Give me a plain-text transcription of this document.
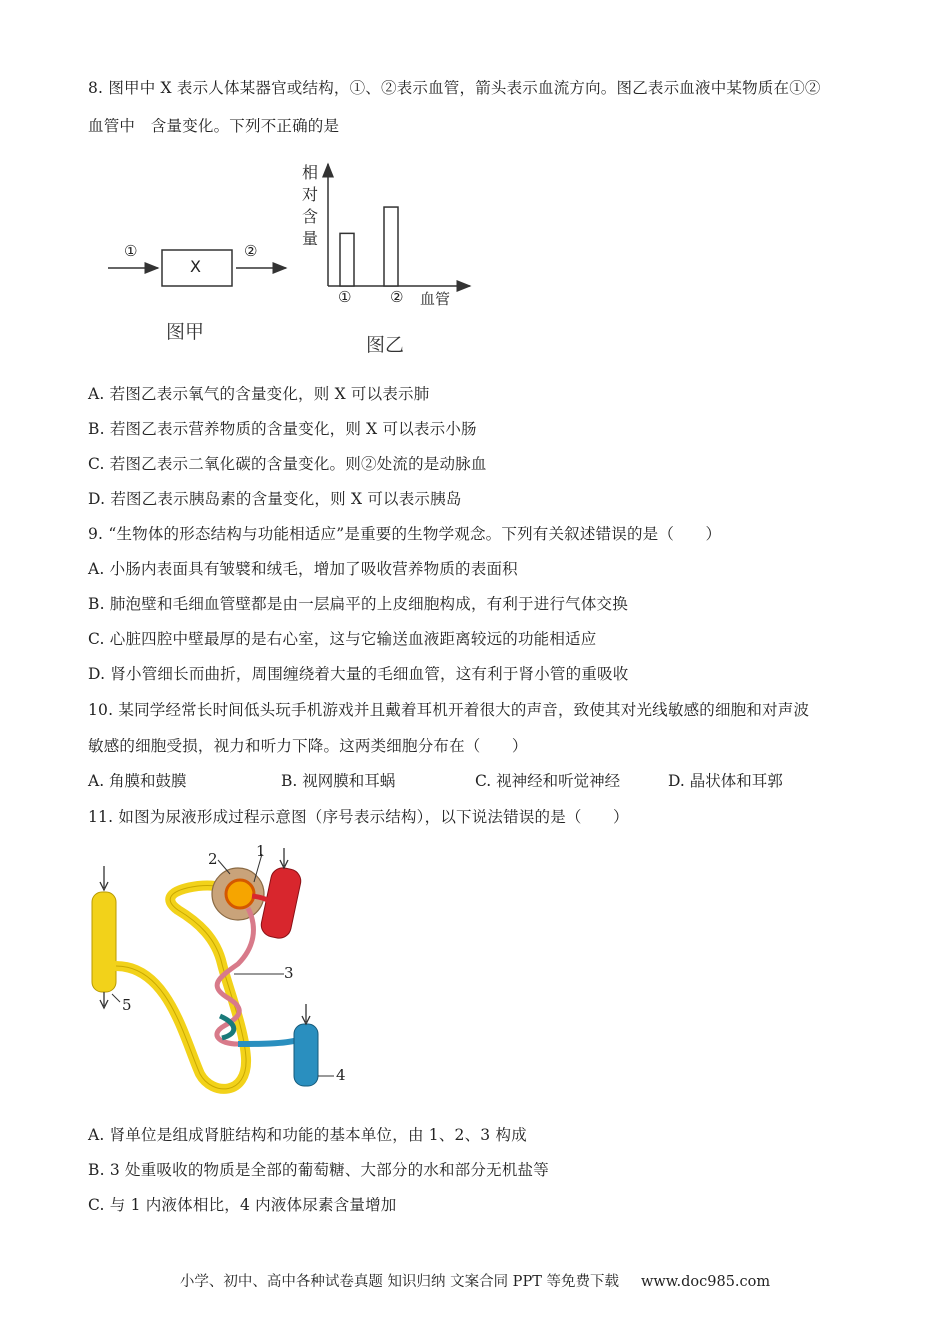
8. 图甲中 X 表示人体某器官或结构，①、②表示血管，箭头表示血流方向。图乙表示血液中某物质在①②
血管中　含量变化。下列不正确的是
①
X
②
图甲
相
对
含
量
①	② 血管
图乙
A. 若图乙表示氧气的含量变化，则 X 可以表示肺
B. 若图乙表示营养物质的含量变化，则 X 可以表示小肠
C. 若图乙表示二氧化碳的含量变化。则②处流的是动脉血
D. 若图乙表示胰岛素的含量变化，则 X 可以表示胰岛
9. “生物体的形态结构与功能相适应”是重要的生物学观念。下列有关叙述错误的是（　　）
A. 小肠内表面具有皱襞和绒毛，增加了吸收营养物质的表面积
B. 肺泡壁和毛细血管壁都是由一层扁平的上皮细胞构成，有利于进行气体交换
C. 心脏四腔中壁最厚的是右心室，这与它输送血液距离较远的功能相适应
D. 肾小管细长而曲折，周围缠绕着大量的毛细血管，这有利于肾小管的重吸收
10. 某同学经常长时间低头玩手机游戏并且戴着耳机开着很大的声音，致使其对光线敏感的细胞和对声波
敏感的细胞受损，视力和听力下降。这两类细胞分布在（　　）
A. 角膜和鼓膜	B. 视网膜和耳蜗	C. 视神经和听觉神经	D. 晶状体和耳郭
11. 如图为尿液形成过程示意图（序号表示结构），以下说法错误的是（　　）
1
2
3
4
5
A. 肾单位是组成肾脏结构和功能的基本单位，由 1、2、3 构成
B. 3 处重吸收的物质是全部的葡萄糖、大部分的水和部分无机盐等
C. 与 1 内液体相比，4 内液体尿素含量增加
小学、初中、高中各种试卷真题 知识归纳 文案合同 PPT 等免费下载 www.doc985.com
